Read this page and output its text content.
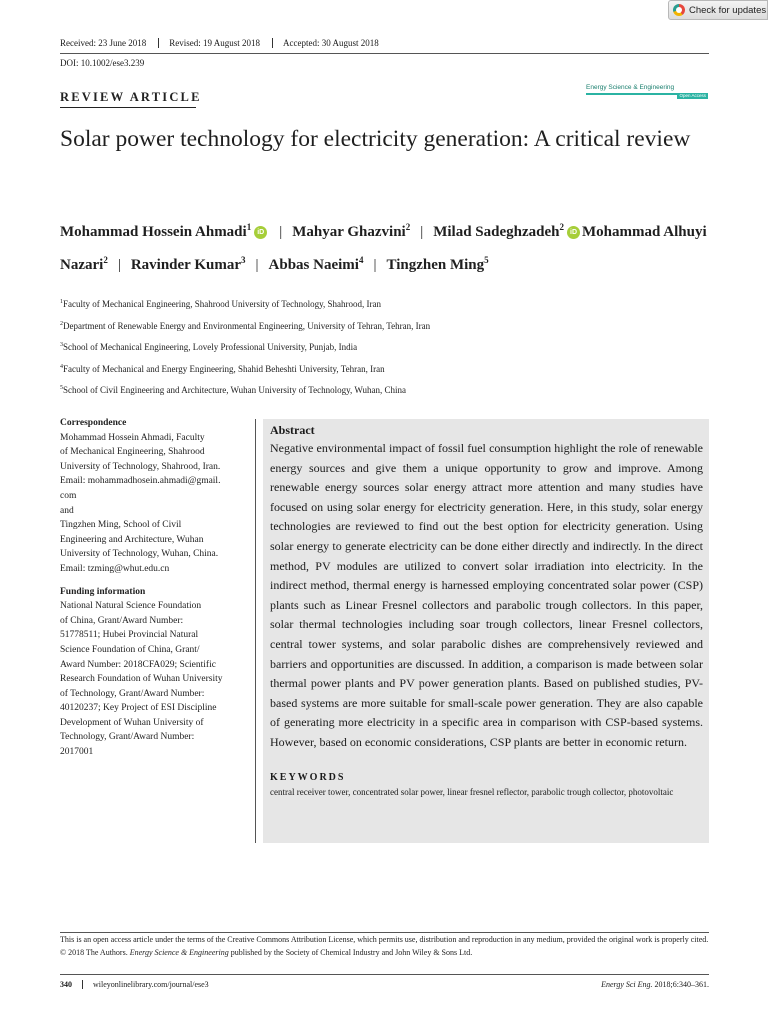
Check for updates
Received: 23 June 2018	Revised: 19 August 2018	Accepted: 30 August 2018
DOI: 10.1002/ese3.239
REVIEW ARTICLE
Energy Science & Engineering
Open Access
Solar power technology for electricity generation: A critical review
Mohammad Hossein Ahmadi$^1$iD | Mahyar Ghazvini$^2$ | Milad Sadeghzadeh$^2$iD Mohammad Alhuyi Nazari$^2$ | Ravinder Kumar$^3$ | Abbas Naeimi$^4$ | Tingzhen Ming$^5$
$^1$Faculty of Mechanical Engineering, Shahrood University of Technology, Shahrood, Iran
$^2$Department of Renewable Energy and Environmental Engineering, University of Tehran, Tehran, Iran
$^3$School of Mechanical Engineering, Lovely Professional University, Punjab, India
$^4$Faculty of Mechanical and Energy Engineering, Shahid Beheshti University, Tehran, Iran
$^5$School of Civil Engineering and Architecture, Wuhan University of Technology, Wuhan, China
Correspondence
Mohammad Hossein Ahmadi, Faculty
of Mechanical Engineering, Shahrood
University of Technology, Shahrood, Iran.
Email: mohammadhosein.ahmadi@gmail.
com
and
Tingzhen Ming, School of Civil
Engineering and Architecture, Wuhan
University of Technology, Wuhan, China.
Email: tzming@whut.edu.cn
Funding information
National Natural Science Foundation
of China, Grant/Award Number:
51778511; Hubei Provincial Natural
Science Foundation of China, Grant/
Award Number: 2018CFA029; Scientific
Research Foundation of Wuhan University
of Technology, Grant/Award Number:
40120237; Key Project of ESI Discipline
Development of Wuhan University of
Technology, Grant/Award Number:
2017001
Abstract
Negative environmental impact of fossil fuel consumption highlight the role of renewable energy sources and give them a unique opportunity to grow and improve. Among renewable energy sources solar energy attract more attention and many studies have focused on using solar energy for electricity generation. Here, in this study, solar energy technologies are reviewed to find out the best option for electricity generation. Using solar energy to generate electricity can be done either directly and indirectly. In the direct method, PV modules are utilized to convert solar irradiation into electricity. In the indirect method, thermal energy is harnessed employing concentrated solar power (CSP) plants such as Linear Fresnel collectors and parabolic trough collectors. In this paper, solar thermal technologies including soar trough collectors, linear Fresnel collectors, central tower systems, and solar parabolic dishes are comprehensively reviewed and barriers and opportunities are discussed. In addition, a comparison is made between solar thermal power plants and PV power generation plants. Based on published studies, PV-based systems are more suitable for small-scale power generation. They are also capable of generating more electricity in a specific area in comparison with CSP-based systems. However, based on economic considerations, CSP plants are better in economic return.
KEYWORDS
central receiver tower, concentrated solar power, linear fresnel reflector, parabolic trough collector, photovoltaic
This is an open access article under the terms of the Creative Commons Attribution License, which permits use, distribution and reproduction in any medium, provided the original work is properly cited.
© 2018 The Authors. Energy Science & Engineering published by the Society of Chemical Industry and John Wiley & Sons Ltd.
340	wileyonlinelibrary.com/journal/ese3	Energy Sci Eng. 2018;6:340–361.
